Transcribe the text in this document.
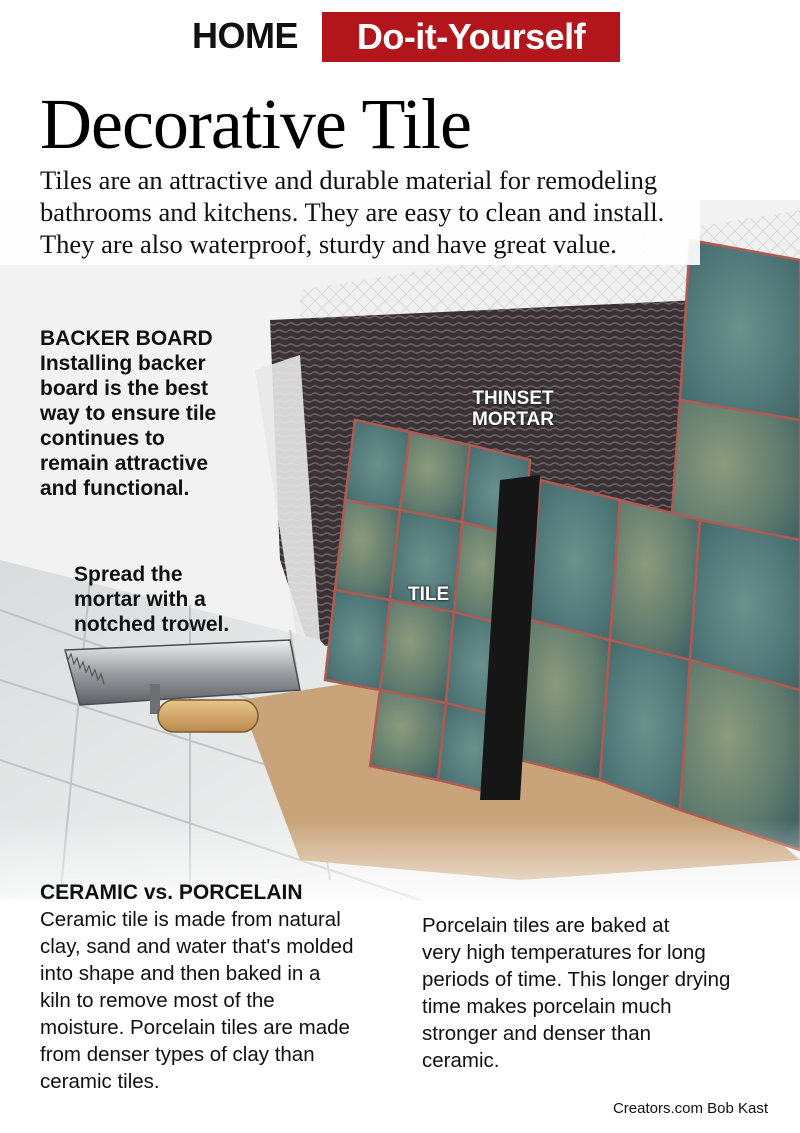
HOME	Do-it-Yourself
Decorative Tile
Tiles are an attractive and durable material for remodeling
bathrooms and kitchens. They are easy to clean and install.
They are also waterproof, sturdy and have great value.
BACKER BOARD
Installing backer
board is the best
way to ensure tile
continues to
remain attractive
and functional.
Spread the
mortar with a
notched trowel.
THINSET
MORTAR
TILE
CERAMIC vs. PORCELAIN
Ceramic tile is made from natural
clay, sand and water that's molded
into shape and then baked in a
kiln to remove most of the
moisture. Porcelain tiles are made
from denser types of clay than
ceramic tiles.
Porcelain tiles are baked at
very high temperatures for long
periods of time. This longer drying
time makes porcelain much
stronger and denser than
ceramic.
Creators.com Bob Kast
